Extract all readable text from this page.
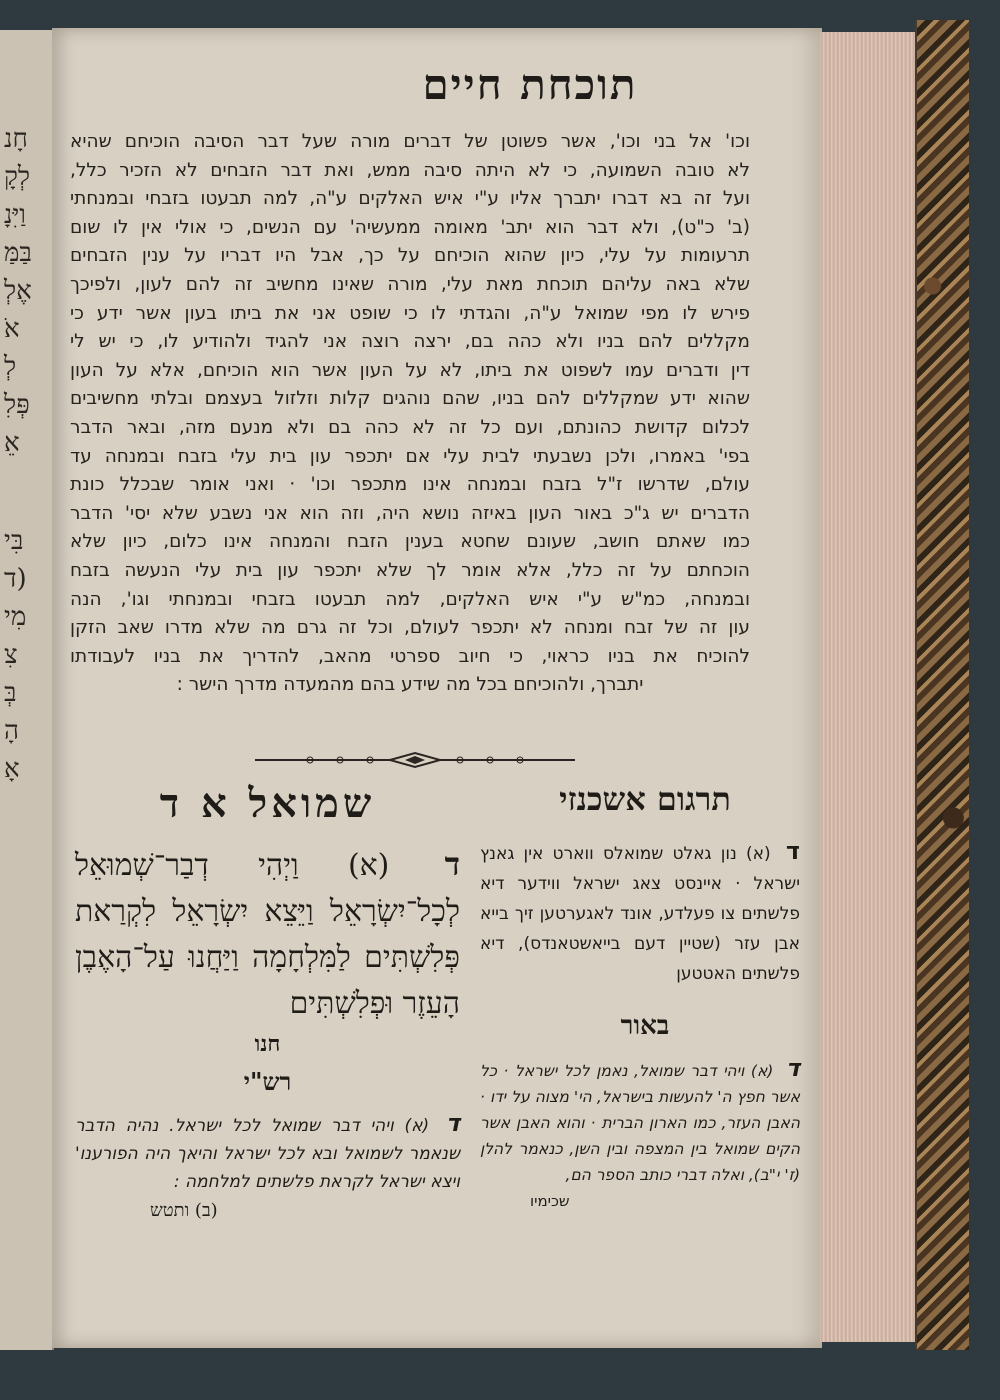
חָנ
לְקָ
וַיִּנָ
בַּמַּ
אֶלְ
אֹ
לְ
פְּלִ
אֵ
בִּי
(ד
מִי
צִ
בְּ
הָ
אָ
תוכחת חיים
וכו' אל בני וכו', אשר פשוטן של דברים מורה שעל דבר הסיבה הוכיחם שהיא
לא טובה השמועה, כי לא היתה סיבה ממש, ואת דבר הזבחים לא הזכיר כלל,
ועל זה בא דברו יתברך אליו ע"י איש האלקים ע"ה, למה תבעטו בזבחי ובמנחתי
(ב' כ"ט), ולא דבר הוא יתב' מאומה ממעשיה' עם הנשים, כי אולי אין לו שום
תרעומות על עלי, כיון שהוא הוכיחם על כך, אבל היו דבריו על ענין הזבחים
שלא באה עליהם תוכחת מאת עלי, מורה שאינו מחשיב זה להם לעון, ולפיכך
פירש לו מפי שמואל ע"ה, והגדתי לו כי שופט אני את ביתו בעון אשר ידע כי
מקללים להם בניו ולא כהה בם, ירצה רוצה אני להגיד ולהודיע לו, כי יש לי
דין ודברים עמו לשפוט את ביתו, לא על העון אשר הוא הוכיחם, אלא על העון
שהוא ידע שמקללים להם בניו, שהם נוהגים קלות וזלזול בעצמם ובלתי מחשיבים
לכלום קדושת כהונתם, ועם כל זה לא כהה בם ולא מנעם מזה, ובאר הדבר
בפי' באמרו, ולכן נשבעתי לבית עלי אם יתכפר עון בית עלי בזבח ובמנחה עד
עולם, שדרשו ז"ל בזבח ובמנחה אינו מתכפר וכו' · ואני אומר שבכלל כונת
הדברים יש ג"כ באור העון באיזה נושא היה, וזה הוא אני נשבע שלא יסי' הדבר
כמו שאתם חושב, שעונם שחטא בענין הזבח והמנחה אינו כלום, כיון שלא
הוכחתם על זה כלל, אלא אומר לך שלא יתכפר עון בית עלי הנעשה בזבח
ובמנחה, כמ"ש ע"י איש האלקים, למה תבעטו בזבחי ובמנחתי וגו', הנה
עון זה של זבח ומנחה לא יתכפר לעולם, וכל זה גרם מה שלא מדרו שאב הזקן
להוכיח את בניו כראוי, כי חיוב ספרטי מהאב, להדריך את בניו לעבודתו
יתברך, ולהוכיחם בכל מה שידע בהם מהמעדה מדרך הישר :
תרגום אשכנזי
ד (א) נון גאלט שמואלס ווארט אין גאנץ ישראל · איינסט צאג ישראל ווידער דיא פלשתים צו פעלדע, אונד לאגערטען זיך בייא אבן עזר (שטיין דעם בייאשטאנדס), דיא פלשתים האטטען
באור
ד (א) ויהי דבר שמואל, נאמן לכל ישראל · כל אשר חפץ ה' להעשות בישראל, הי' מצוה על ידו · האבן העזר, כמו הארון הברית · והוא האבן אשר הקים שמואל בין המצפה ובין השן, כנאמר להלן (ז' י"ב), ואלה דברי כותב הספר הם,
שכימיו
שמואל א ד
ד (א) וַיְהִי דְבַר־שְׁמוּאֵל לְכָל־יִשְׂרָאֵל וַיֵּצֵא יִשְׂרָאֵל לִקְרַאת פְּלִשְׁתִּים לַמִּלְחָמָה וַיַּחֲנוּ עַל־הָאֶבֶן הָעֵזֶר וּפְלִשְׁתִּים
חנו
רש"י
ד (א) ויהי דבר שמואל לכל ישראל. נהיה הדבר שנאמר לשמואל ובא לכל ישראל והיאך היה הפורענו' ויצא ישראל לקראת פלשתים למלחמה :
(ב) ותטש
